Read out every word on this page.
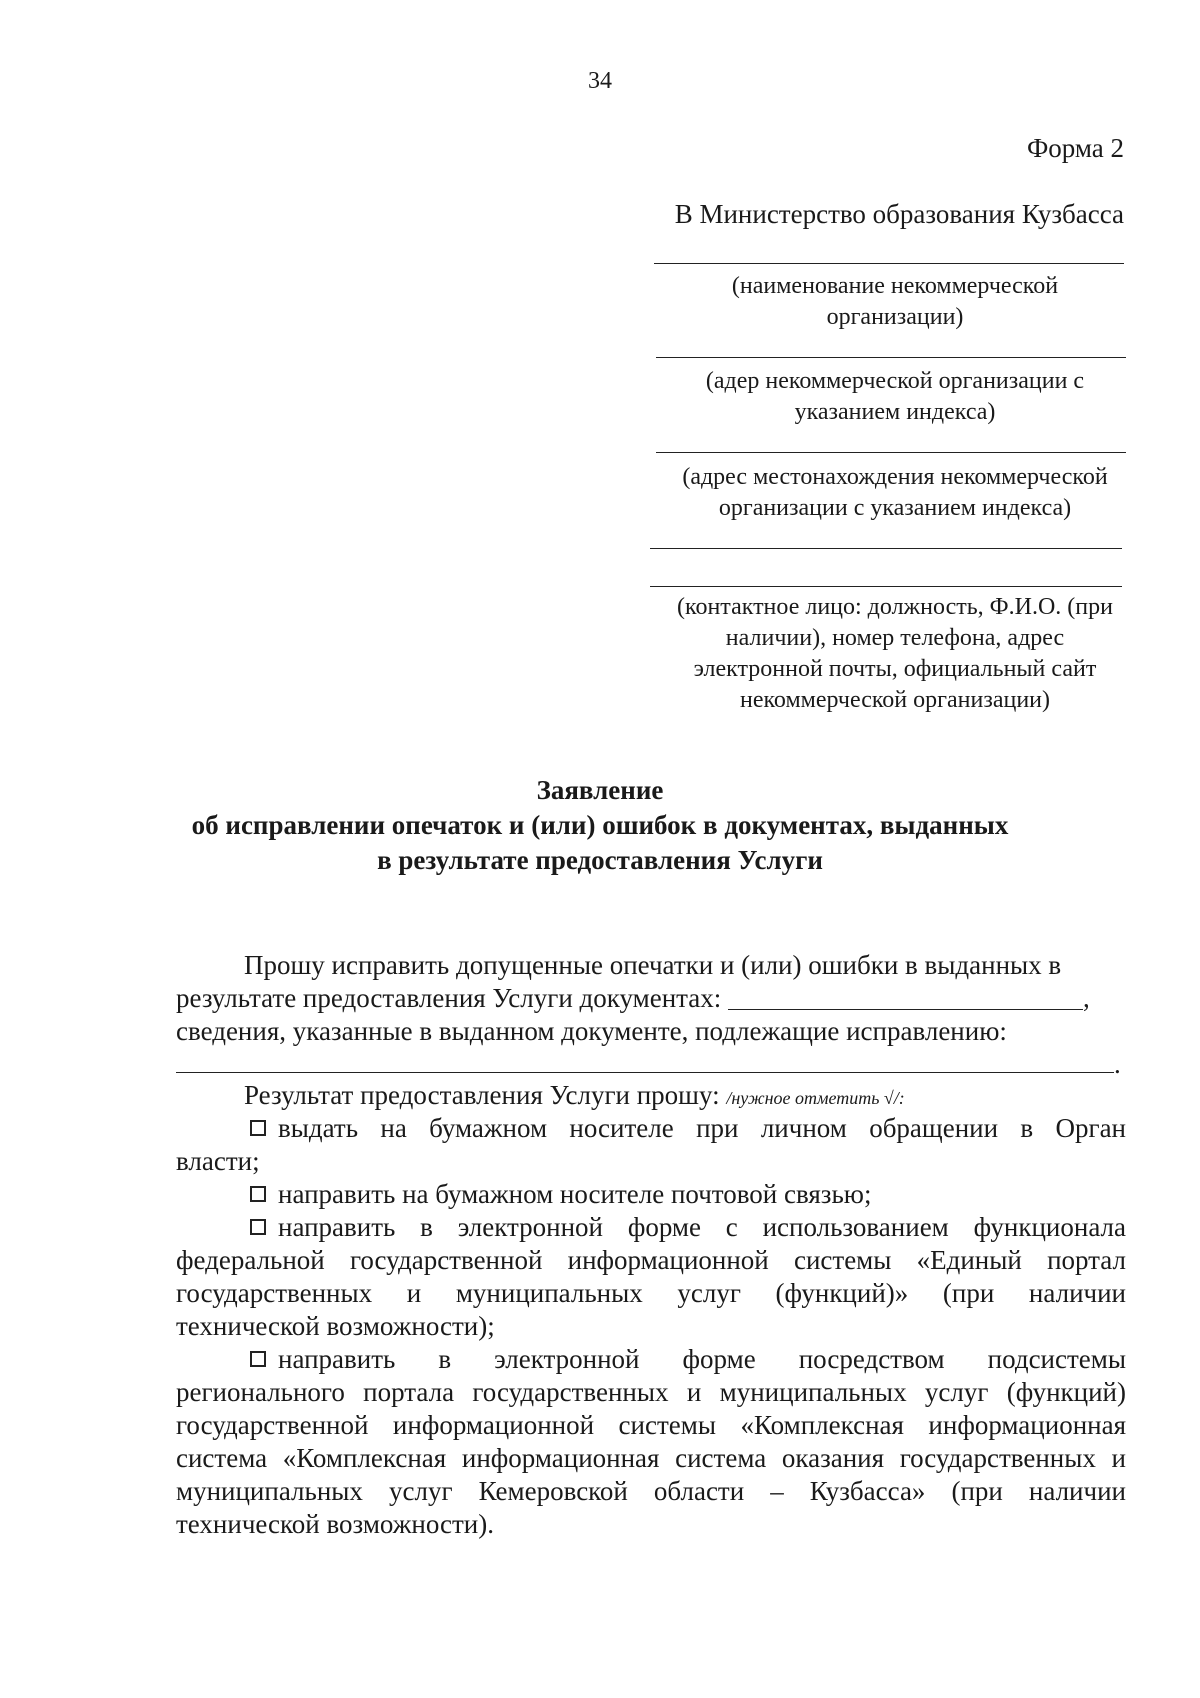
34
Форма 2
В Министерство образования Кузбасса
(наименование некоммерческой
организации)
(адер некоммерческой организации с
указанием индекса)
(адрес местонахождения некоммерческой
организации с указанием индекса)
(контактное лицо: должность, Ф.И.О. (при
наличии), номер телефона, адрес
электронной почты, официальный сайт
некоммерческой организации)
Заявление
об исправлении опечаток и (или) ошибок в документах, выданных
в результате предоставления Услуги
Прошу исправить допущенные опечатки и (или) ошибки в выданных в
результате предоставления Услуги документах:	,
сведения, указанные в выданном документе, подлежащие исправлению:
.
Результат предоставления Услуги прошу: /нужное отметить √/:
выдать на бумажном носителе при личном обращении в Орган
власти;
направить на бумажном носителе почтовой связью;
направить в электронной форме с использованием функционала
федеральной государственной информационной системы «Единый портал
государственных и муниципальных услуг (функций)» (при наличии
технической возможности);
направить в электронной форме посредством подсистемы
регионального портала государственных и муниципальных услуг (функций)
государственной информационной системы «Комплексная информационная
система «Комплексная информационная система оказания государственных и
муниципальных услуг Кемеровской области – Кузбасса» (при наличии
технической возможности).
